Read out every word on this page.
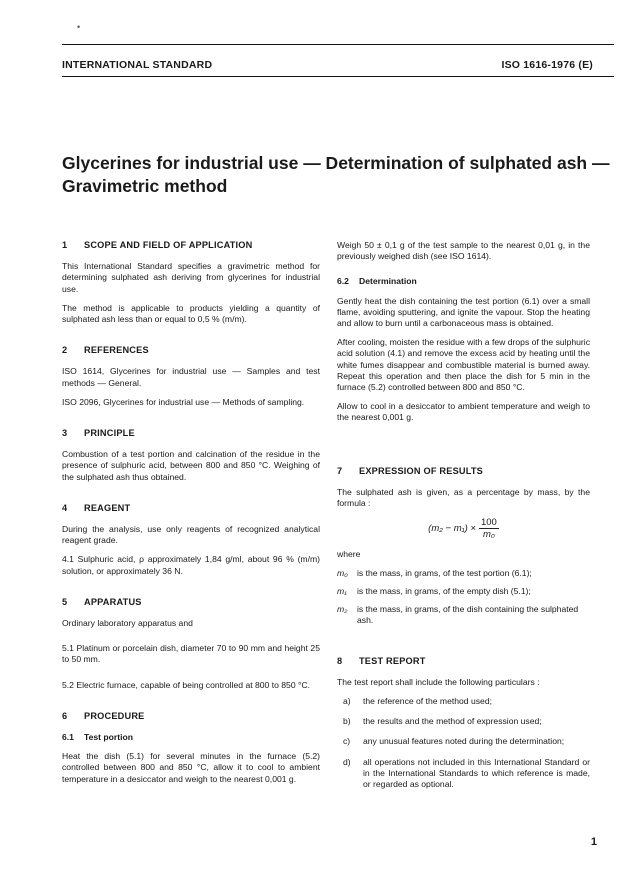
•
INTERNATIONAL STANDARD	ISO 1616-1976 (E)
Glycerines for industrial use — Determination of sulphated ash — Gravimetric method
1 SCOPE AND FIELD OF APPLICATION

This International Standard specifies a gravimetric method for determining sulphated ash deriving from glycerines for industrial use.

The method is applicable to products yielding a quantity of sulphated ash less than or equal to 0,5 % (m/m).

2 REFERENCES

ISO 1614, Glycerines for industrial use — Samples and test methods — General.

ISO 2096, Glycerines for industrial use — Methods of sampling.

3 PRINCIPLE

Combustion of a test portion and calcination of the residue in the presence of sulphuric acid, between 800 and 850 °C. Weighing of the sulphated ash thus obtained.

4 REAGENT

During the analysis, use only reagents of recognized analytical reagent grade.

4.1 Sulphuric acid, ρ approximately 1,84 g/ml, about 96 % (m/m) solution, or approximately 36 N.

5 APPARATUS

Ordinary laboratory apparatus and

5.1 Platinum or porcelain dish, diameter 70 to 90 mm and height 25 to 50 mm.

5.2 Electric furnace, capable of being controlled at 800 to 850 °C.

6 PROCEDURE
6.1 Test portion

Heat the dish (5.1) for several minutes in the furnace (5.2) controlled between 800 and 850 °C, allow it to cool to ambient temperature in a desiccator and weigh to the nearest 0,001 g.

Weigh 50 ± 0,1 g of the test sample to the nearest 0,01 g, in the previously weighed dish (see ISO 1614).

6.2 Determination

Gently heat the dish containing the test portion (6.1) over a small flame, avoiding sputtering, and ignite the vapour. Stop the heating and allow to burn until a carbonaceous mass is obtained.

After cooling, moisten the residue with a few drops of the sulphuric acid solution (4.1) and remove the excess acid by heating until the white fumes disappear and combustible material is burned away. Repeat this operation and then place the dish for 5 min in the furnace (5.2) controlled between 800 and 850 °C.

Allow to cool in a desiccator to ambient temperature and weigh to the nearest 0,001 g.

7 EXPRESSION OF RESULTS

The sulphated ash is given, as a percentage by mass, by the formula :

$(m_2 - m_1) \times \frac{100}{\text{m₀}}$

where

m₀	is the mass, in grams, of the test portion (6.1);
m₁	is the mass, in grams, of the empty dish (5.1);
m₂	is the mass, in grams, of the dish containing the sulphated ash.
8 TEST REPORT

The test report shall include the following particulars :

a)	the reference of the method used;
b)	the results and the method of expression used;
c)	any unusual features noted during the determination;
d)	all operations not included in this International Standard or in the International Standards to which reference is made, or regarded as optional.
1
